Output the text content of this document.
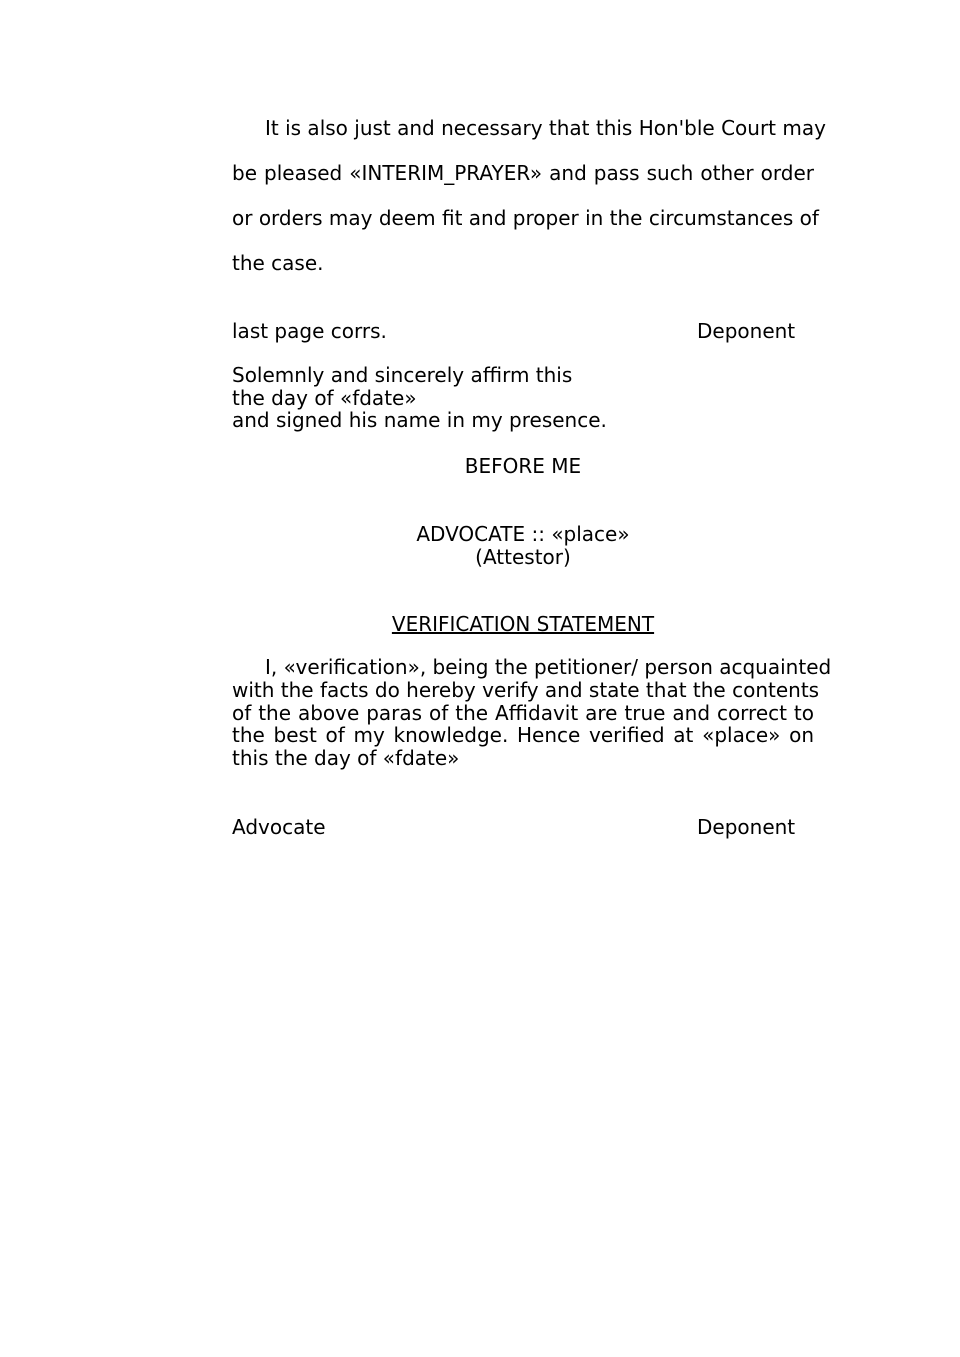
It is also just and necessary that this Hon'ble Court may
be pleased «INTERIM_PRAYER» and pass such other order
or orders may deem fit and proper in the circumstances of
the case.
last page corrs.	Deponent
Solemnly and sincerely affirm this
the day of «fdate»
and signed his name in my presence.
BEFORE ME
ADVOCATE :: «place»
(Attestor)
VERIFICATION STATEMENT
I, «verification», being the petitioner/ person acquainted
with the facts do hereby verify and state that the contents
of the above paras of the Affidavit are true and correct to
the best of my knowledge. Hence verified at «place» on
this the day of «fdate»
Advocate	Deponent
